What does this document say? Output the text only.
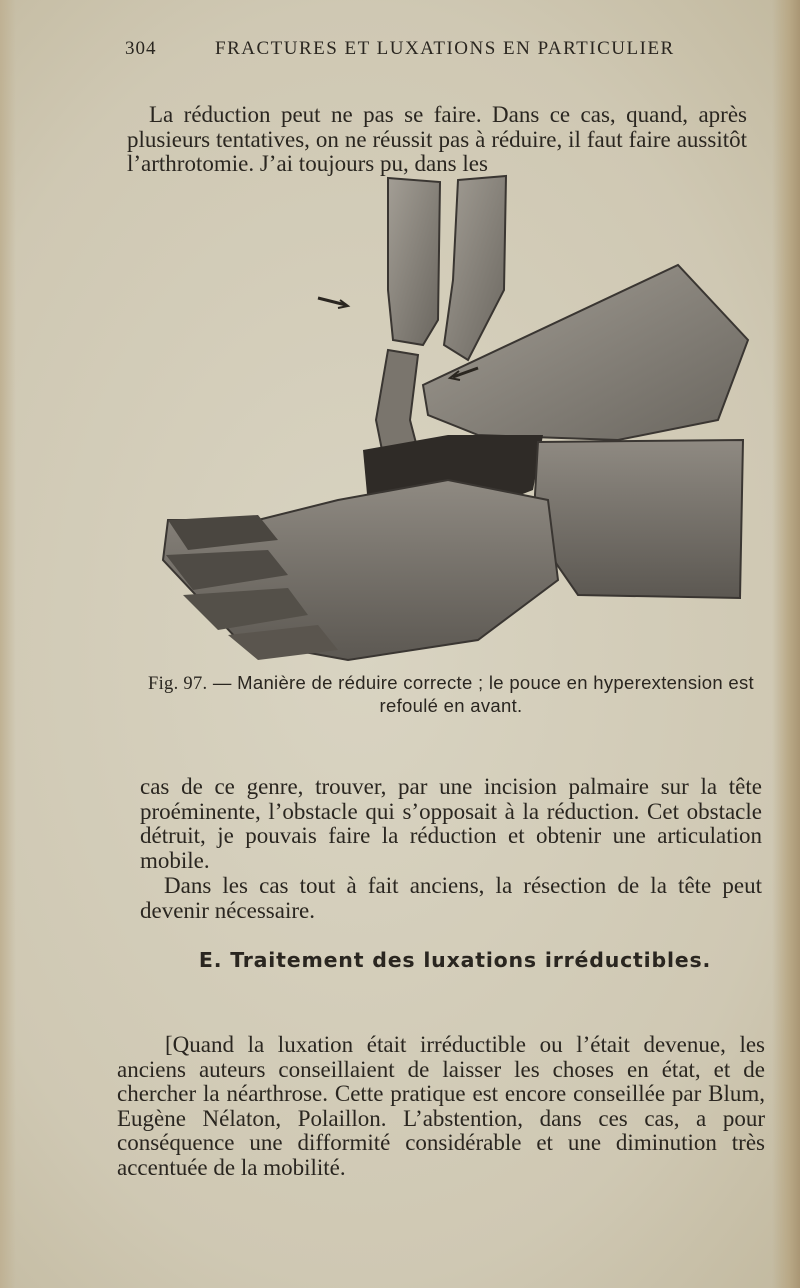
304	FRACTURES ET LUXATIONS EN PARTICULIER

La réduction peut ne pas se faire. Dans ce cas, quand, après plusieurs tentatives, on ne réussit pas à réduire, il faut faire aussitôt l’arthrotomie. J’ai toujours pu, dans les

Fig. 97. — Manière de réduire correcte ; le pouce en hyperextension est refoulé en avant.

cas de ce genre, trouver, par une incision palmaire sur la tête proéminente, l’obstacle qui s’opposait à la réduction. Cet obstacle détruit, je pouvais faire la réduction et obtenir une articulation mobile.

Dans les cas tout à fait anciens, la résection de la tête peut devenir nécessaire.

E. Traitement des luxations irréductibles.

[Quand la luxation était irréductible ou l’était devenue, les anciens auteurs conseillaient de laisser les choses en état, et de chercher la néarthrose. Cette pratique est encore conseillée par Blum, Eugène Nélaton, Polaillon. L’abstention, dans ces cas, a pour conséquence une difformité considérable et une diminution très accentuée de la mobilité.
